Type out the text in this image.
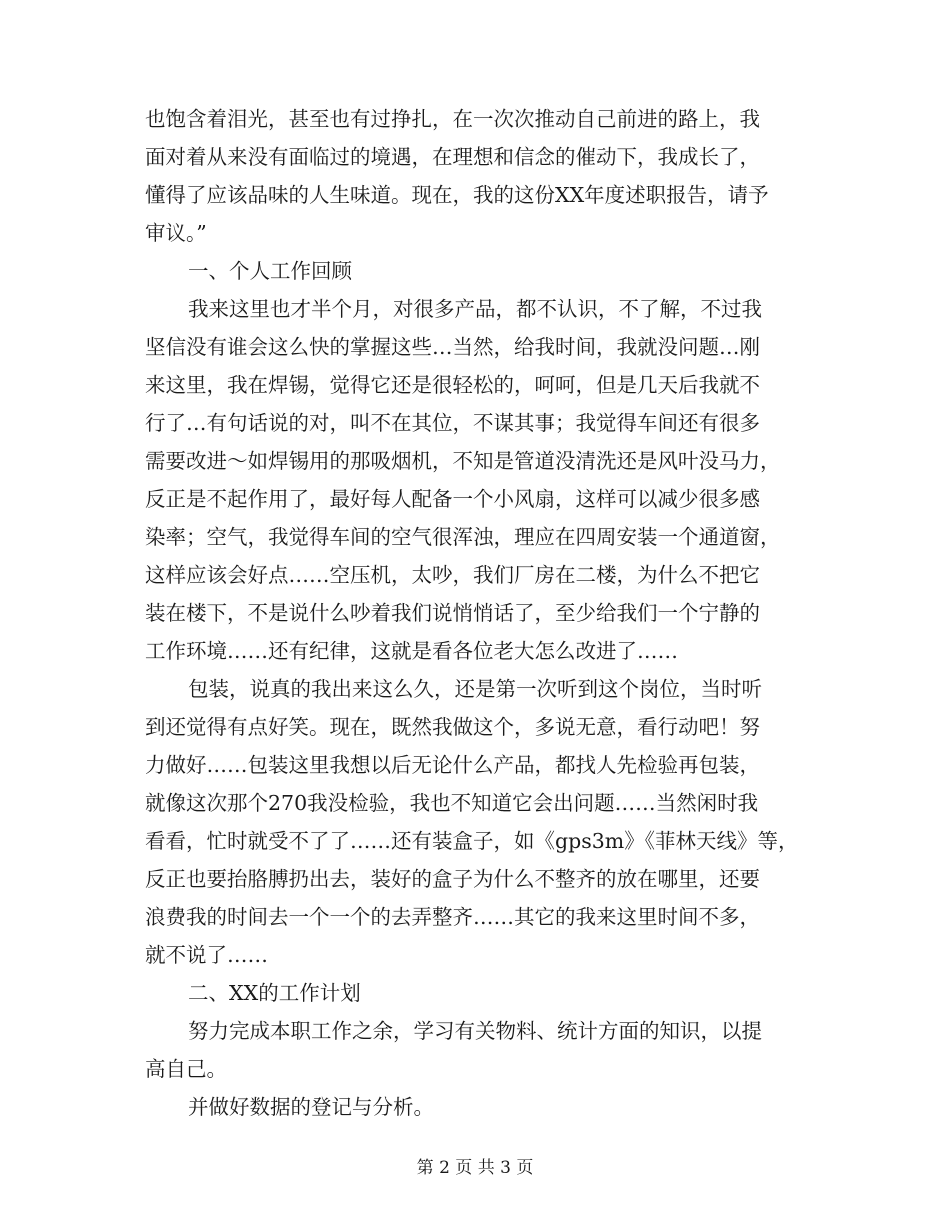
也饱含着泪光，甚至也有过挣扎，在一次次推动自己前进的路上，我
面对着从来没有面临过的境遇，在理想和信念的催动下，我成长了，
懂得了应该品味的人生味道。现在，我的这份XX年度述职报告，请予
审议。”
一、个人工作回顾
我来这里也才半个月，对很多产品，都不认识，不了解，不过我
坚信没有谁会这么快的掌握这些…当然，给我时间，我就没问题…刚
来这里，我在焊锡，觉得它还是很轻松的，呵呵，但是几天后我就不
行了…有句话说的对，叫不在其位，不谋其事；我觉得车间还有很多
需要改进～如焊锡用的那吸烟机，不知是管道没清洗还是风叶没马力，
反正是不起作用了，最好每人配备一个小风扇，这样可以减少很多感
染率；空气，我觉得车间的空气很浑浊，理应在四周安装一个通道窗，
这样应该会好点……空压机，太吵，我们厂房在二楼，为什么不把它
装在楼下，不是说什么吵着我们说悄悄话了，至少给我们一个宁静的
工作环境……还有纪律，这就是看各位老大怎么改进了……
包装，说真的我出来这么久，还是第一次听到这个岗位，当时听
到还觉得有点好笑。现在，既然我做这个，多说无意，看行动吧！努
力做好……包装这里我想以后无论什么产品，都找人先检验再包装，
就像这次那个270我没检验，我也不知道它会出问题……当然闲时我
看看，忙时就受不了了……还有装盒子，如《gps3m》《菲林天线》等，
反正也要抬胳膊扔出去，装好的盒子为什么不整齐的放在哪里，还要
浪费我的时间去一个一个的去弄整齐……其它的我来这里时间不多，
就不说了……
二、XX的工作计划
努力完成本职工作之余，学习有关物料、统计方面的知识，以提
高自己。
并做好数据的登记与分析。
第 2 页 共 3 页
